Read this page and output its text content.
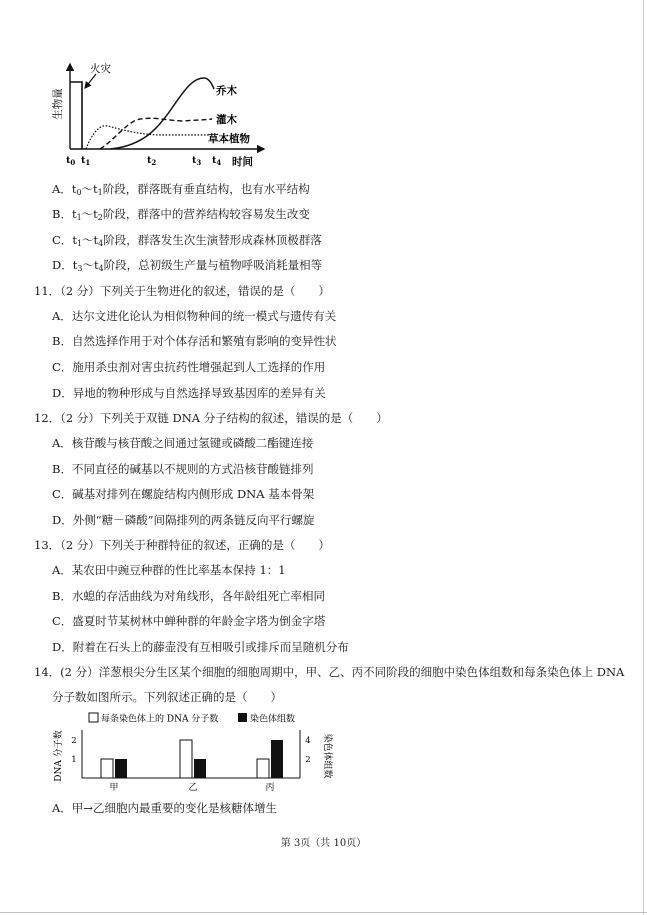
生物量
火灾
乔木
灌木
草本植物
$t_0$ $t_1$	$t_2$	$t_3$ $t_4$ 时间
A．$t_0\sim t_1$阶段，群落既有垂直结构，也有水平结构
B．$t_1\sim t_2$阶段，群落中的营养结构较容易发生改变
C．$t_1\sim t_4$阶段，群落发生次生演替形成森林顶极群落
D．$t_3\sim t_4$阶段，总初级生产量与植物呼吸消耗量相等
11．（2 分）下列关于生物进化的叙述，错误的是（　　）
A．达尔文进化论认为相似物种间的统一模式与遗传有关
B．自然选择作用于对个体存活和繁殖有影响的变异性状
C．施用杀虫剂对害虫抗药性增强起到人工选择的作用
D．异地的物种形成与自然选择导致基因库的差异有关
12．（2 分）下列关于双链 DNA 分子结构的叙述，错误的是（　　）
A．核苷酸与核苷酸之间通过氢键或磷酸二酯键连接
B．不同直径的碱基以不规则的方式沿核苷酸链排列
C．碱基对排列在螺旋结构内侧形成 DNA 基本骨架
D．外侧“糖－磷酸”间隔排列的两条链反向平行螺旋
13．（2 分）下列关于种群特征的叙述，正确的是（　　）
A．某农田中豌豆种群的性比率基本保持 1：1
B．水螅的存活曲线为对角线形，各年龄组死亡率相同
C．盛夏时节某树林中蝉种群的年龄金字塔为倒金字塔
D．附着在石头上的藤壶没有互相吸引或排斥而呈随机分布
14．(2 分）洋葱根尖分生区某个细胞的细胞周期中，甲、乙、丙不同阶段的细胞中染色体组数和每条染色体上 DNA
分子数如图所示。下列叙述正确的是（　　）
每条染色体上的 DNA 分子数	染色体组数
DNA 分子数	染色体组数
1
2
2
4
甲	乙	丙
A．甲→乙细胞内最重要的变化是核糖体增生
第 3页（共 10页）
